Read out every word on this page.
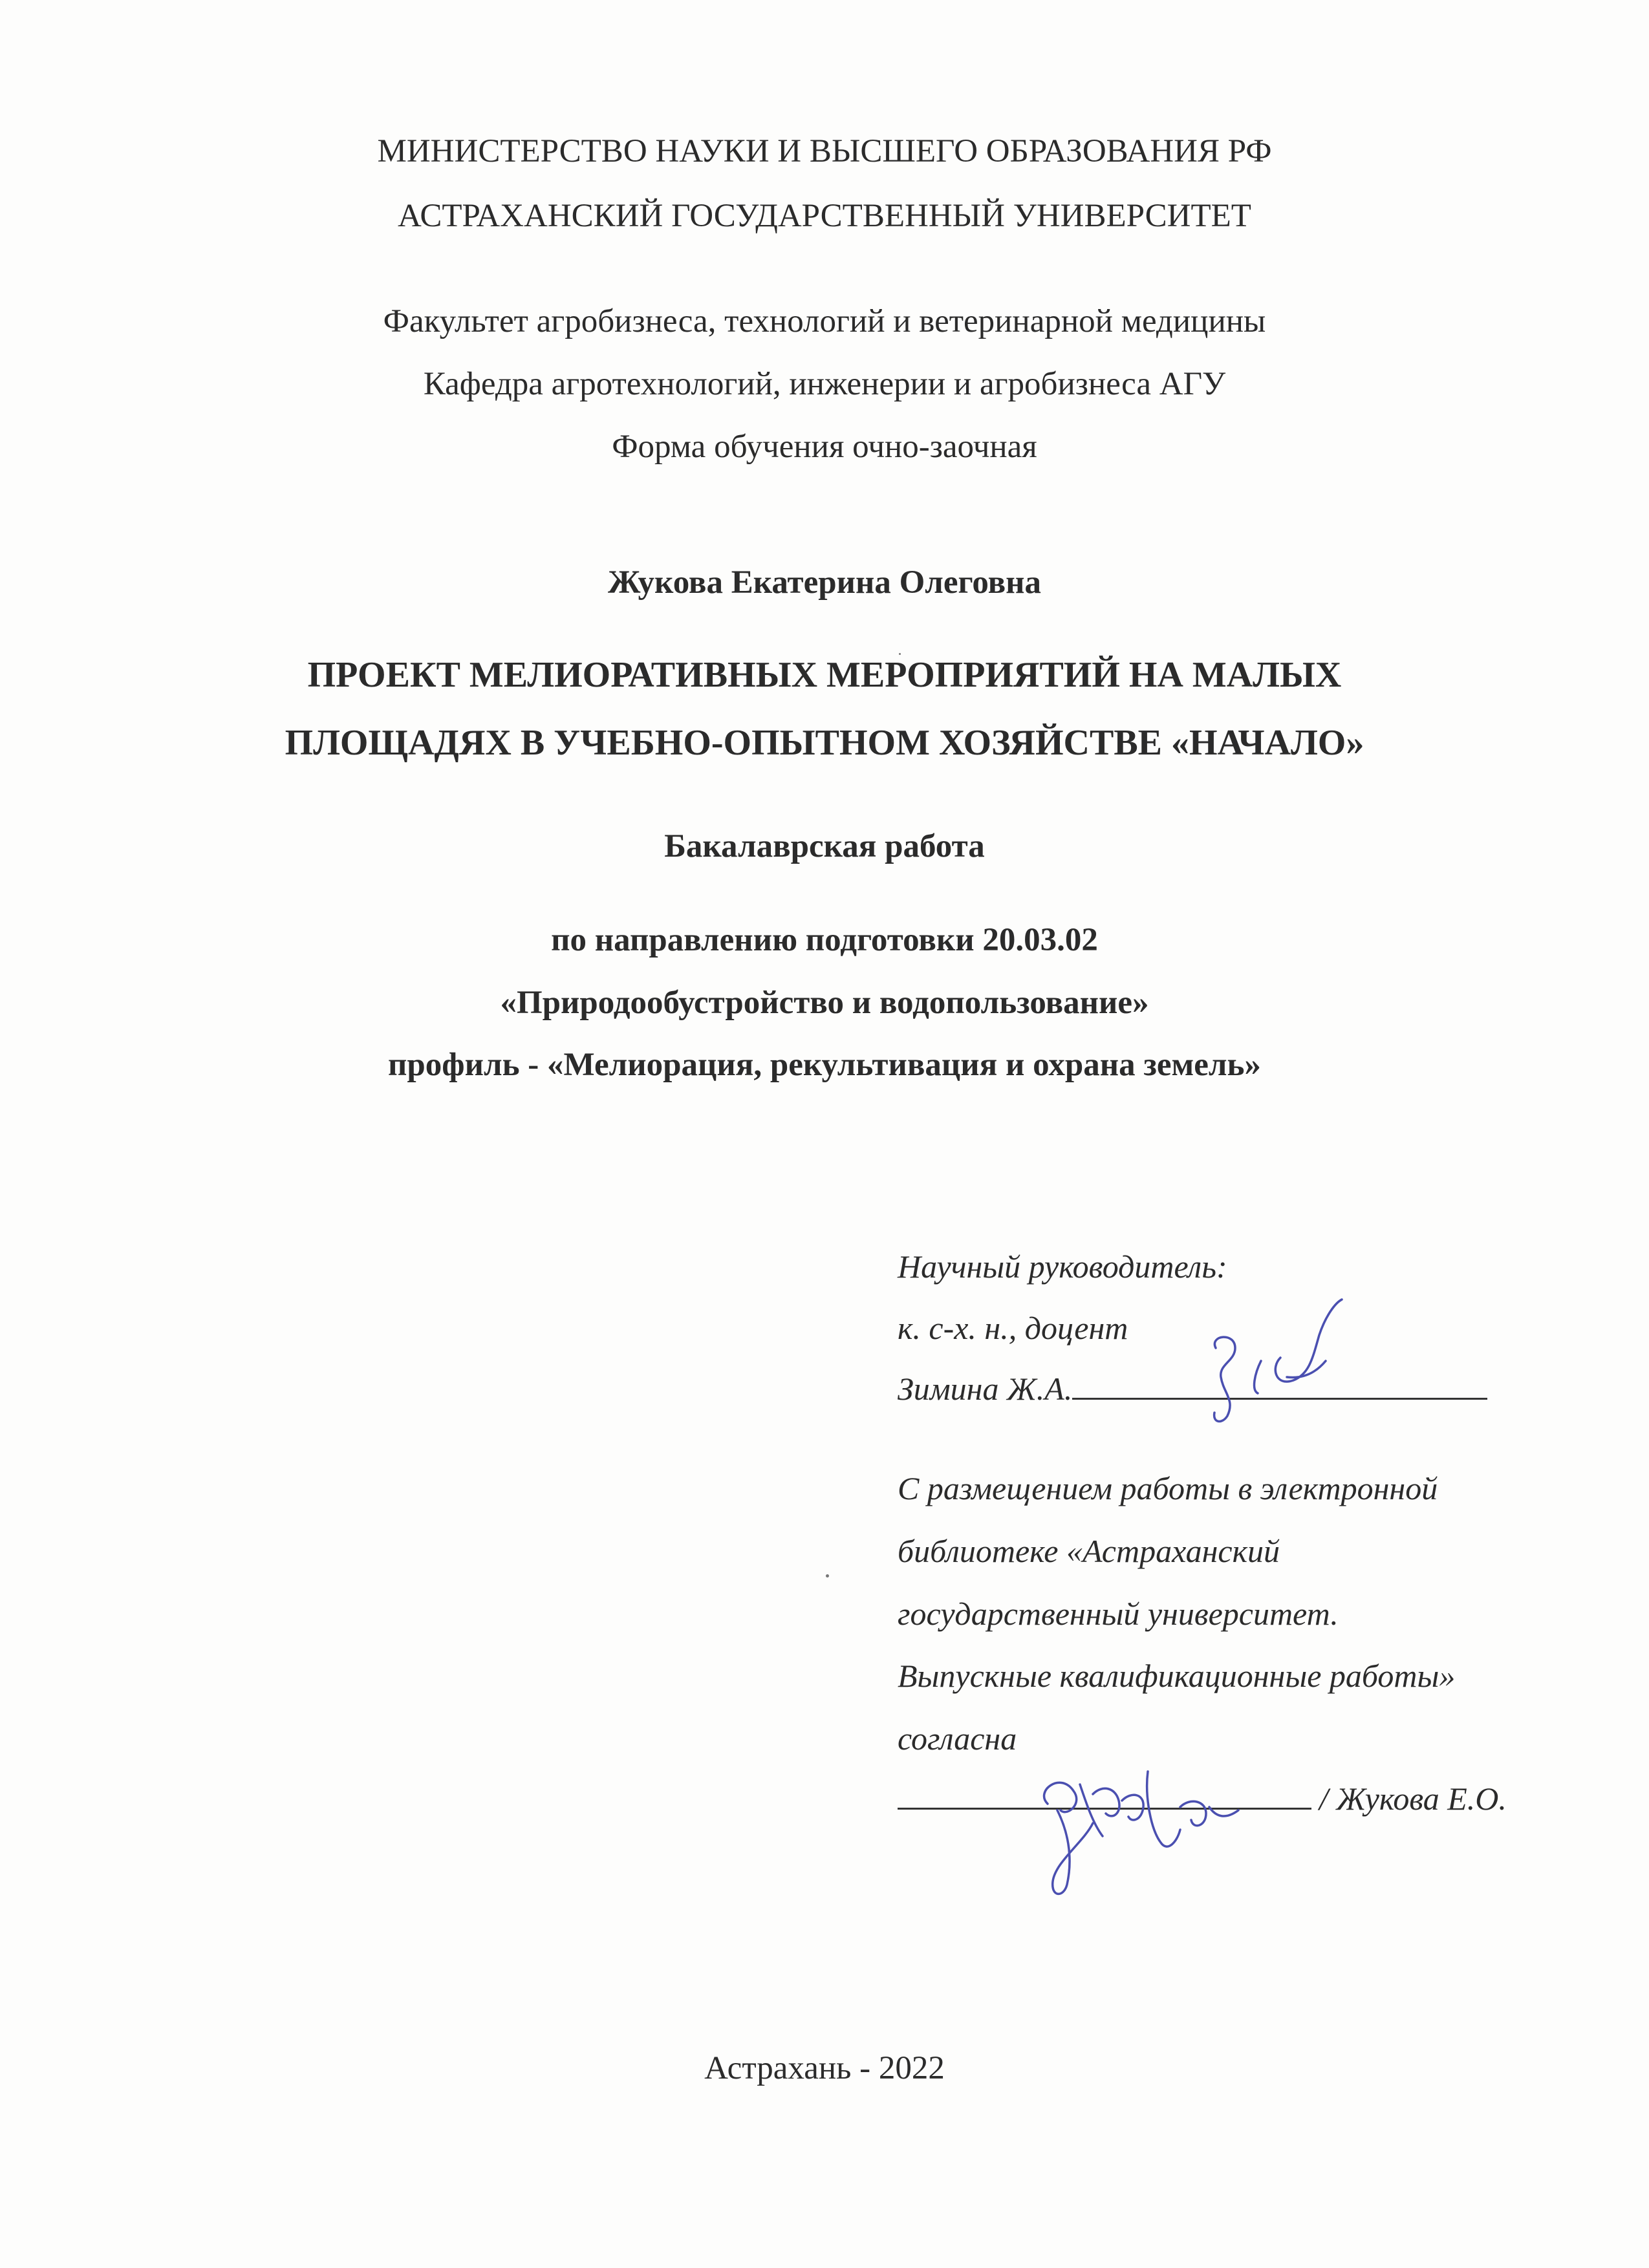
МИНИСТЕРСТВО НАУКИ И ВЫСШЕГО ОБРАЗОВАНИЯ РФ
АСТРАХАНСКИЙ ГОСУДАРСТВЕННЫЙ УНИВЕРСИТЕТ
Факультет агробизнеса, технологий и ветеринарной медицины
Кафедра агротехнологий, инженерии и агробизнеса АГУ
Форма обучения очно-заочная
Жукова Екатерина Олеговна
ПРОЕКТ МЕЛИОРАТИВНЫХ МЕРОПРИЯТИЙ НА МАЛЫХ
ПЛОЩАДЯХ В УЧЕБНО-ОПЫТНОМ ХОЗЯЙСТВЕ «НАЧАЛО»
Бакалаврская работа
по направлению подготовки 20.03.02
«Природообустройство и водопользование»
профиль - «Мелиорация, рекультивация и охрана земель»
Научный руководитель:
к. с-х. н., доцент
Зимина Ж.А.
С размещением работы в электронной
библиотеке «Астраханский
государственный университет.
Выпускные квалификационные работы»
согласна
/ Жукова Е.О.
Астрахань - 2022
